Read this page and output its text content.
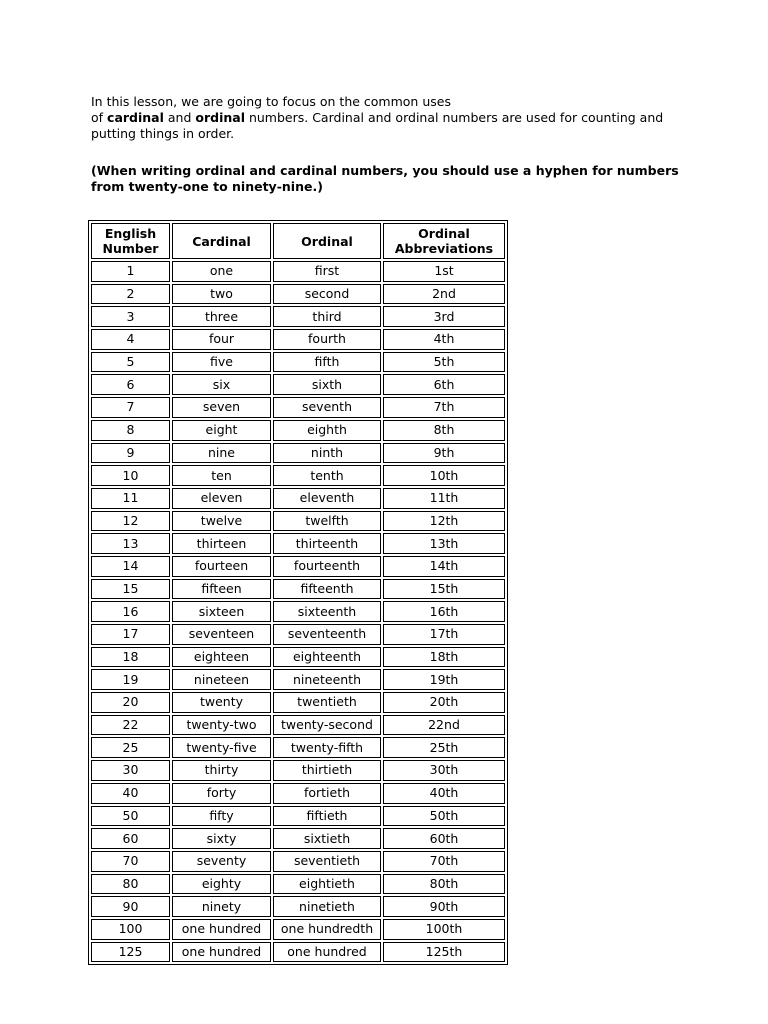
In this lesson, we are going to focus on the common uses
of cardinal and ordinal numbers. Cardinal and ordinal numbers are used for counting and putting things in order.

(When writing ordinal and cardinal numbers, you should use a hyphen for numbers from twenty-one to ninety-nine.)

English Number	Cardinal	Ordinal	Ordinal Abbreviations
1	one	first	1st
2	two	second	2nd
3	three	third	3rd
4	four	fourth	4th
5	five	fifth	5th
6	six	sixth	6th
7	seven	seventh	7th
8	eight	eighth	8th
9	nine	ninth	9th
10	ten	tenth	10th
11	eleven	eleventh	11th
12	twelve	twelfth	12th
13	thirteen	thirteenth	13th
14	fourteen	fourteenth	14th
15	fifteen	fifteenth	15th
16	sixteen	sixteenth	16th
17	seventeen	seventeenth	17th
18	eighteen	eighteenth	18th
19	nineteen	nineteenth	19th
20	twenty	twentieth	20th
22	twenty-two	twenty-second	22nd
25	twenty-five	twenty-fifth	25th
30	thirty	thirtieth	30th
40	forty	fortieth	40th
50	fifty	fiftieth	50th
60	sixty	sixtieth	60th
70	seventy	seventieth	70th
80	eighty	eightieth	80th
90	ninety	ninetieth	90th
100	one hundred	one hundredth	100th
125	one hundred	one hundred	125th
